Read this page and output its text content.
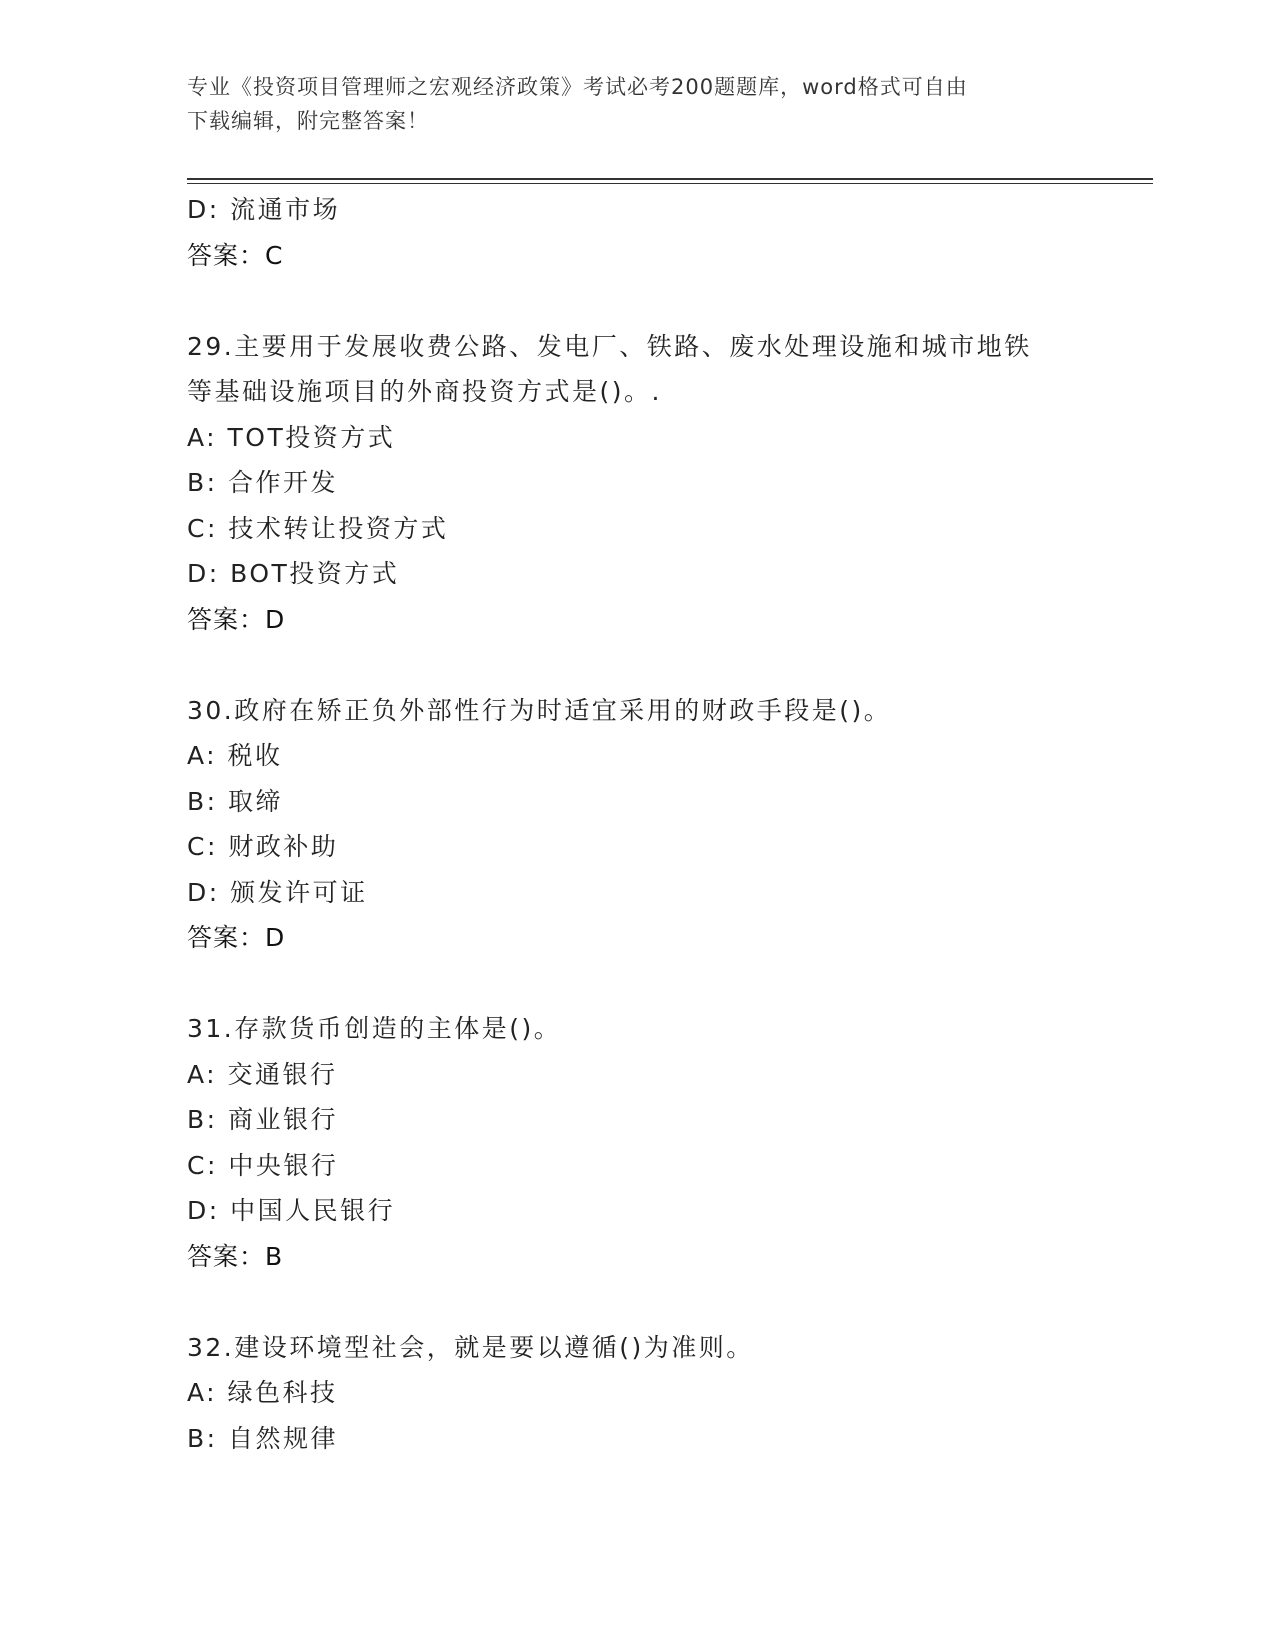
专业《投资项目管理师之宏观经济政策》考试必考200题题库，word格式可自由
下载编辑，附完整答案！
D: 流通市场
答案：C
29.主要用于发展收费公路、发电厂、铁路、废水处理设施和城市地铁
等基础设施项目的外商投资方式是()。.
A: TOT投资方式
B: 合作开发
C: 技术转让投资方式
D: BOT投资方式
答案：D
30.政府在矫正负外部性行为时适宜采用的财政手段是()。
A: 税收
B: 取缔
C: 财政补助
D: 颁发许可证
答案：D
31.存款货币创造的主体是()。
A: 交通银行
B: 商业银行
C: 中央银行
D: 中国人民银行
答案：B
32.建设环境型社会，就是要以遵循()为准则。
A: 绿色科技
B: 自然规律
